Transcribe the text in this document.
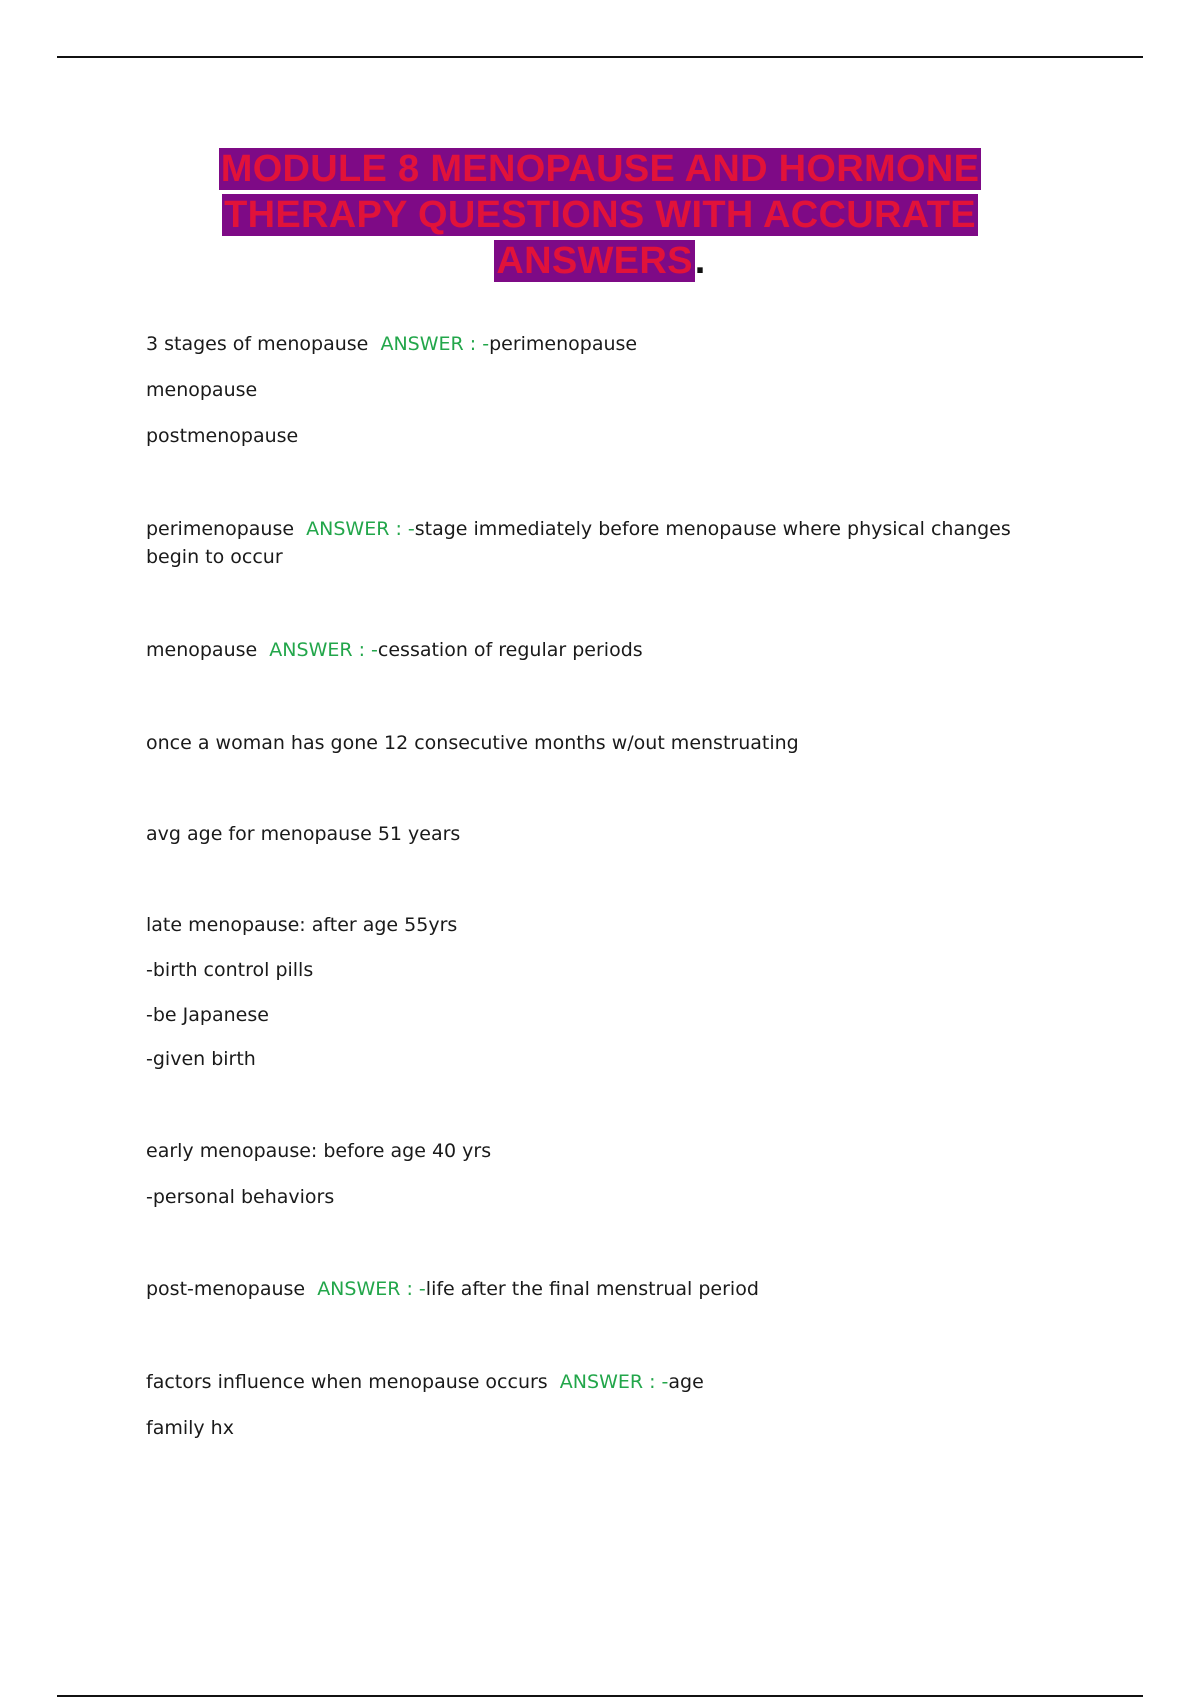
MODULE 8 MENOPAUSE AND HORMONE
THERAPY QUESTIONS WITH ACCURATE
ANSWERS.
3 stages of menopause ANSWER : -perimenopause
menopause
postmenopause
perimenopause ANSWER : -stage immediately before menopause where physical changes begin to occur
menopause ANSWER : -cessation of regular periods
once a woman has gone 12 consecutive months w/out menstruating
avg age for menopause 51 years
late menopause: after age 55yrs
-birth control pills
-be Japanese
-given birth
early menopause: before age 40 yrs
-personal behaviors
post-menopause ANSWER : -life after the final menstrual period
factors influence when menopause occurs ANSWER : -age
family hx
